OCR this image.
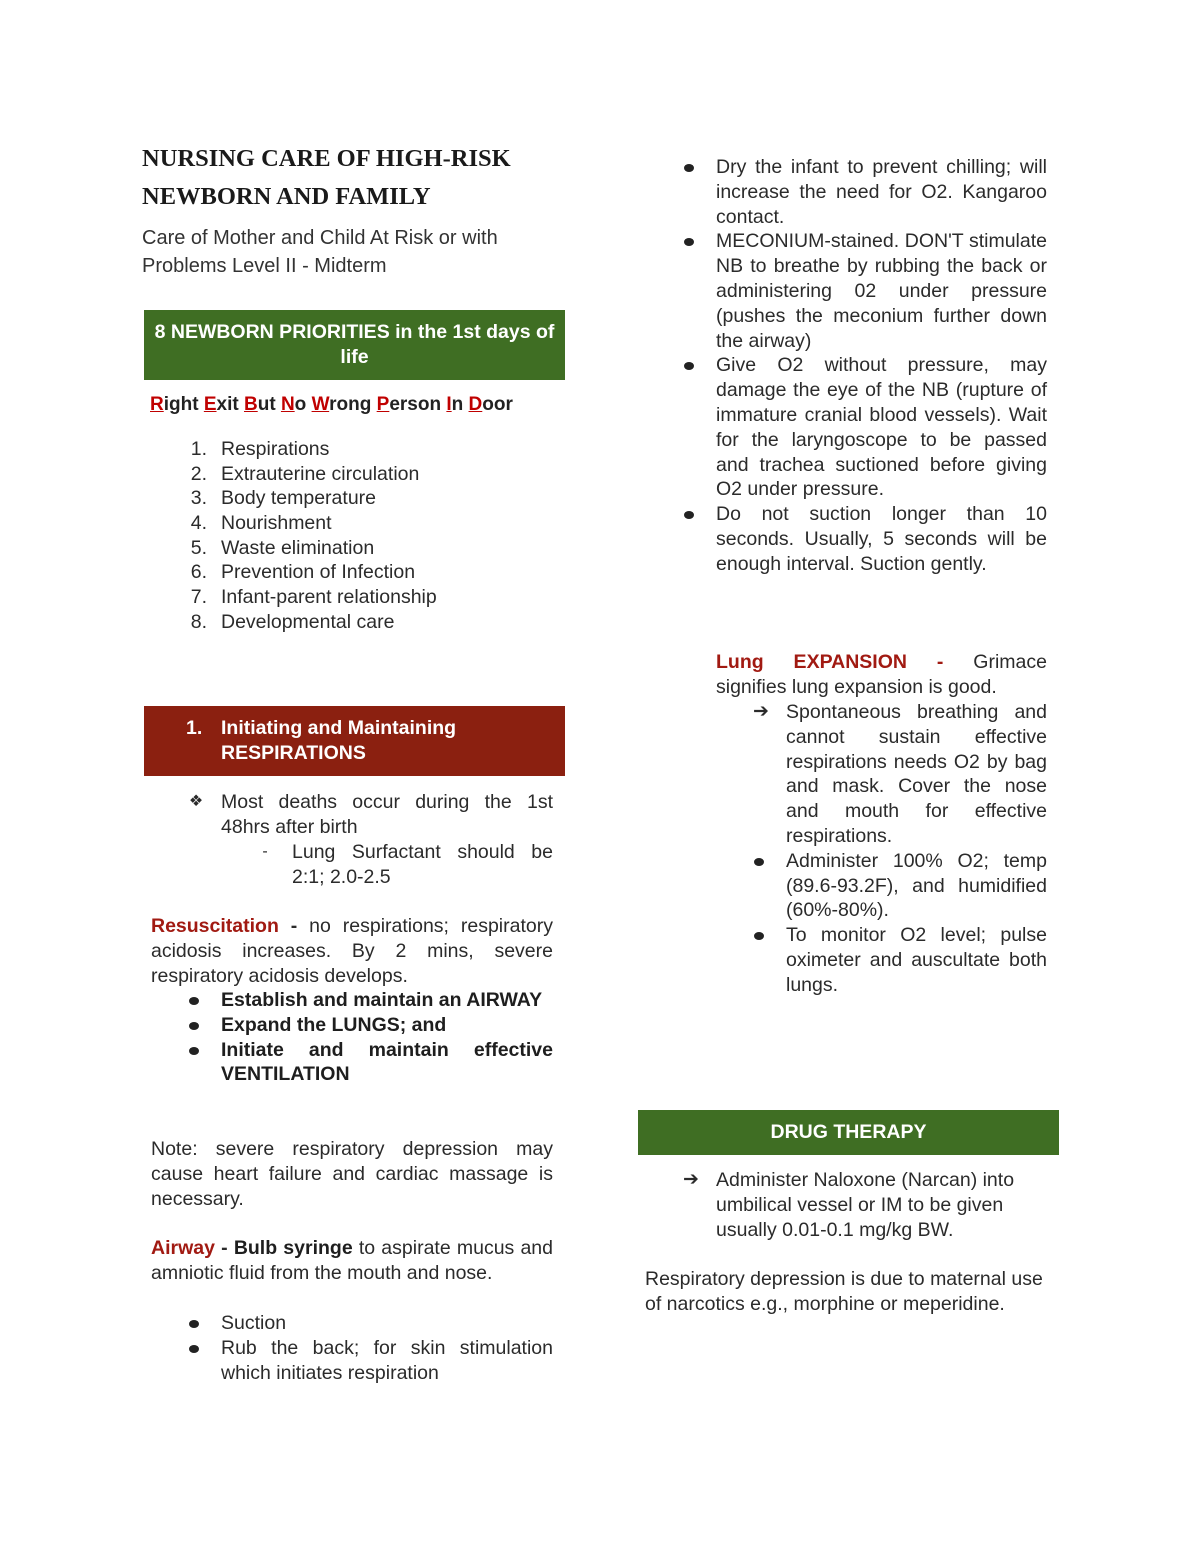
NURSING CARE OF HIGH-RISK
NEWBORN AND FAMILY
Care of Mother and Child At Risk or with Problems Level II - Midterm
8 NEWBORN PRIORITIES in the 1st days of life
Right Exit But No Wrong Person In Door
1. Respirations
2. Extrauterine circulation
3. Body temperature
4. Nourishment
5. Waste elimination
6. Prevention of Infection
7. Infant-parent relationship
8. Developmental care
1. Initiating and Maintaining RESPIRATIONS
❖ Most deaths occur during the 1st 48hrs after birth
-	Lung Surfactant should be 2:1; 2.0-2.5

Resuscitation - no respirations; respiratory acidosis increases. By 2 mins, severe respiratory acidosis develops.

Establish and maintain an AIRWAY
Expand the LUNGS; and
Initiate and maintain effective VENTILATION
Note: severe respiratory depression may cause heart failure and cardiac massage is necessary.

Airway - Bulb syringe to aspirate mucus and amniotic fluid from the mouth and nose.

Suction
Rub the back; for skin stimulation which initiates respiration
Dry the infant to prevent chilling; will increase the need for O2. Kangaroo contact.
MECONIUM-stained. DON'T stimulate NB to breathe by rubbing the back or administering 02 under pressure (pushes the meconium further down the airway)
Give O2 without pressure, may damage the eye of the NB (rupture of immature cranial blood vessels). Wait for the laryngoscope to be passed and trachea suctioned before giving O2 under pressure.
Do not suction longer than 10 seconds. Usually, 5 seconds will be enough interval. Suction gently.

Lung EXPANSION - Grimace signifies lung expansion is good.

➔ Spontaneous breathing and cannot sustain effective respirations needs O2 by bag and mask. Cover the nose and mouth for effective respirations.
Administer 100% O2; temp (89.6-93.2F), and humidified (60%-80%).
To monitor O2 level; pulse oximeter and auscultate both lungs.
DRUG THERAPY
➔ Administer Naloxone (Narcan) into umbilical vessel or IM to be given usually 0.01-0.1 mg/kg BW.
Respiratory depression is due to maternal use of narcotics e.g., morphine or meperidine.
